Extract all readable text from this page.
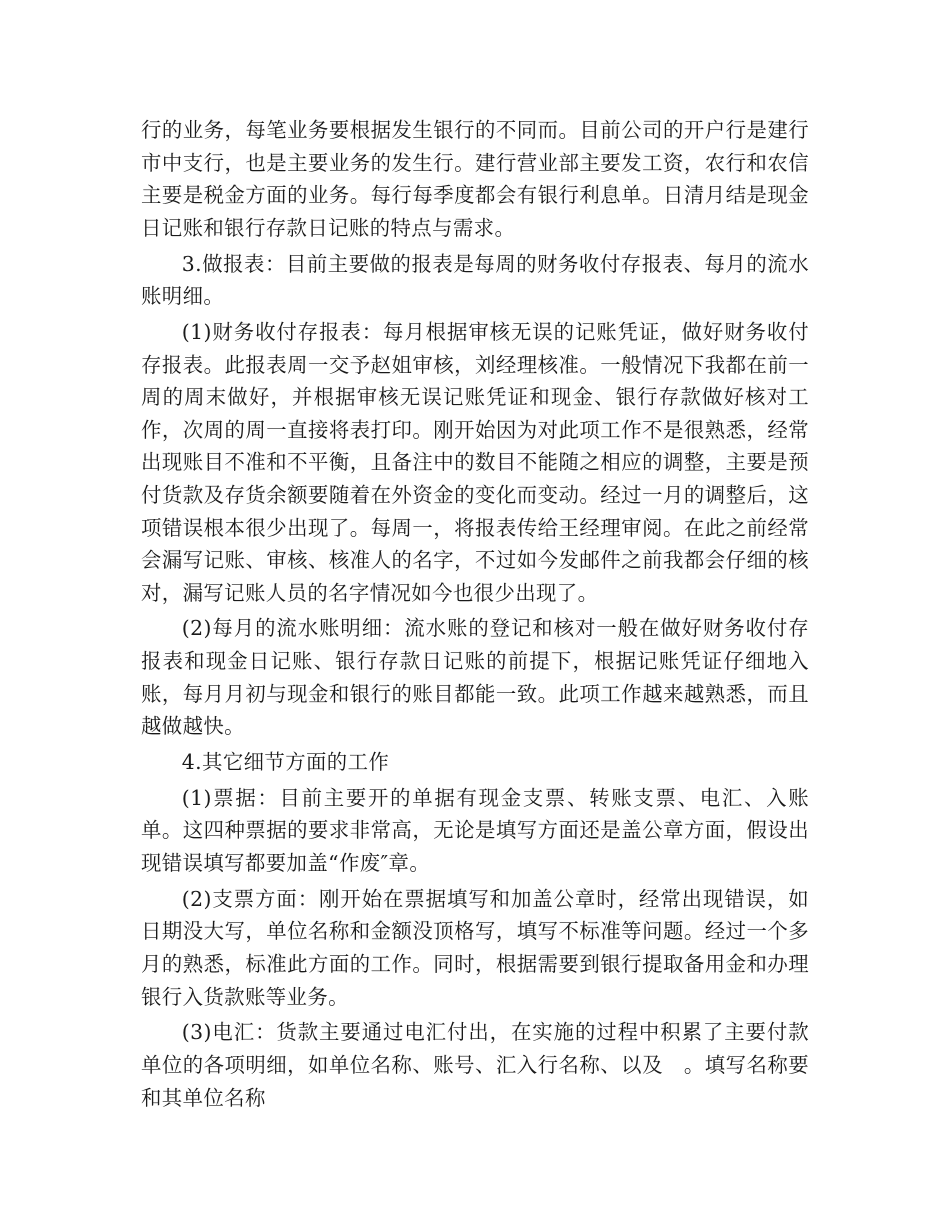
行的业务，每笔业务要根据发生银行的不同而。目前公司的开户行是建行市中支行，也是主要业务的发生行。建行营业部主要发工资，农行和农信主要是税金方面的业务。每行每季度都会有银行利息单。日清月结是现金日记账和银行存款日记账的特点与需求。

3.做报表：目前主要做的报表是每周的财务收付存报表、每月的流水账明细。

(1)财务收付存报表：每月根据审核无误的记账凭证，做好财务收付存报表。此报表周一交予赵姐审核，刘经理核准。一般情况下我都在前一周的周末做好，并根据审核无误记账凭证和现金、银行存款做好核对工作，次周的周一直接将表打印。刚开始因为对此项工作不是很熟悉，经常出现账目不准和不平衡，且备注中的数目不能随之相应的调整，主要是预付货款及存货余额要随着在外资金的变化而变动。经过一月的调整后，这项错误根本很少出现了。每周一，将报表传给王经理审阅。在此之前经常会漏写记账、审核、核准人的名字，不过如今发邮件之前我都会仔细的核对，漏写记账人员的名字情况如今也很少出现了。

(2)每月的流水账明细：流水账的登记和核对一般在做好财务收付存报表和现金日记账、银行存款日记账的前提下，根据记账凭证仔细地入账，每月月初与现金和银行的账目都能一致。此项工作越来越熟悉，而且越做越快。

4.其它细节方面的工作

(1)票据：目前主要开的单据有现金支票、转账支票、电汇、入账单。这四种票据的要求非常高，无论是填写方面还是盖公章方面，假设出现错误填写都要加盖“作废″章。

(2)支票方面：刚开始在票据填写和加盖公章时，经常出现错误，如日期没大写，单位名称和金额没顶格写，填写不标准等问题。经过一个多月的熟悉，标准此方面的工作。同时，根据需要到银行提取备用金和办理银行入货款账等业务。

(3)电汇：货款主要通过电汇付出，在实施的过程中积累了主要付款单位的各项明细，如单位名称、账号、汇入行名称、以及　。填写名称要和其单位名称
